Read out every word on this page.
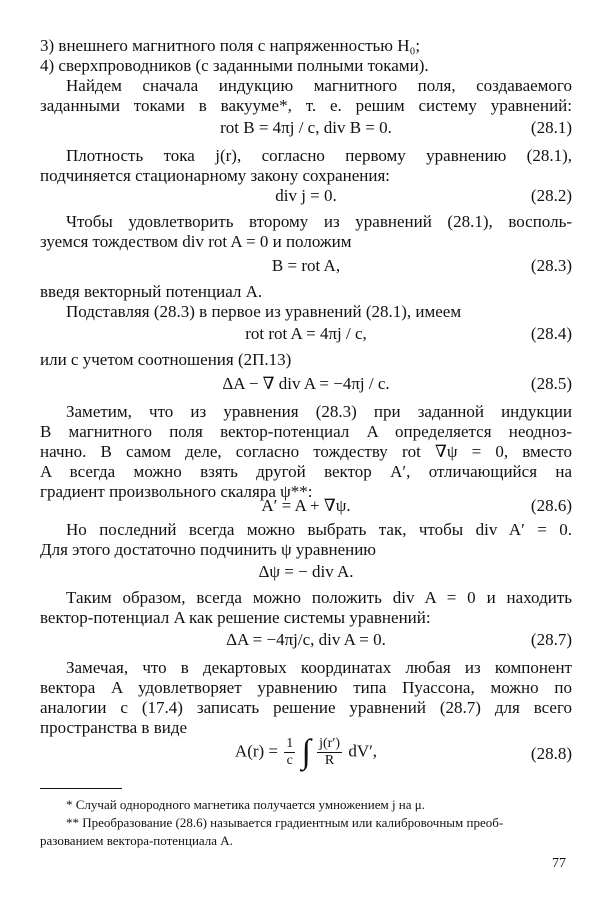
3) внешнего магнитного поля с напряженностью H₀;
4) сверхпроводников (с заданными полными токами).
Найдем сначала индукцию магнитного поля, создаваемого
заданными токами в вакууме*, т. е. решим систему уравнений:
rot B = 4πj / c, div B = 0.	(28.1)
Плотность тока j(r), согласно первому уравнению (28.1),
подчиняется стационарному закону сохранения:
div j = 0.	(28.2)
Чтобы удовлетворить второму из уравнений (28.1), восполь-
зуемся тождеством div rot A = 0 и положим
B = rot A,	(28.3)
введя векторный потенциал A.
Подставляя (28.3) в первое из уравнений (28.1), имеем
rot rot A = 4πj / c,	(28.4)
или с учетом соотношения (2П.13)
ΔA − ∇ div A = −4πj / c.	(28.5)
Заметим, что из уравнения (28.3) при заданной индукции
B магнитного поля вектор-потенциал A определяется неодноз-
начно. В самом деле, согласно тождеству rot ∇ψ = 0, вместо
A всегда можно взять другой вектор A′, отличающийся на
градиент произвольного скаляра ψ**:
A′ = A + ∇ψ.	(28.6)
Но последний всегда можно выбрать так, чтобы div A′ = 0.
Для этого достаточно подчинить ψ уравнению
Δψ = − div A.
Таким образом, всегда можно положить div A = 0 и находить
вектор-потенциал A как решение системы уравнений:
ΔA = −4πj/c, div A = 0.	(28.7)
Замечая, что в декартовых координатах любая из компонент
вектора A удовлетворяет уравнению типа Пуассона, можно по
аналогии с (17.4) записать решение уравнений (28.7) для всего
пространства в виде
$A(r) = \frac{1}{c}$ ∫ $\frac{j(r')}{R} dV'$,	(28.8)
* Случай однородного магнетика получается умножением j на μ.
** Преобразование (28.6) называется градиентным или калибровочным преоб-
разованием вектора-потенциала A.
77
